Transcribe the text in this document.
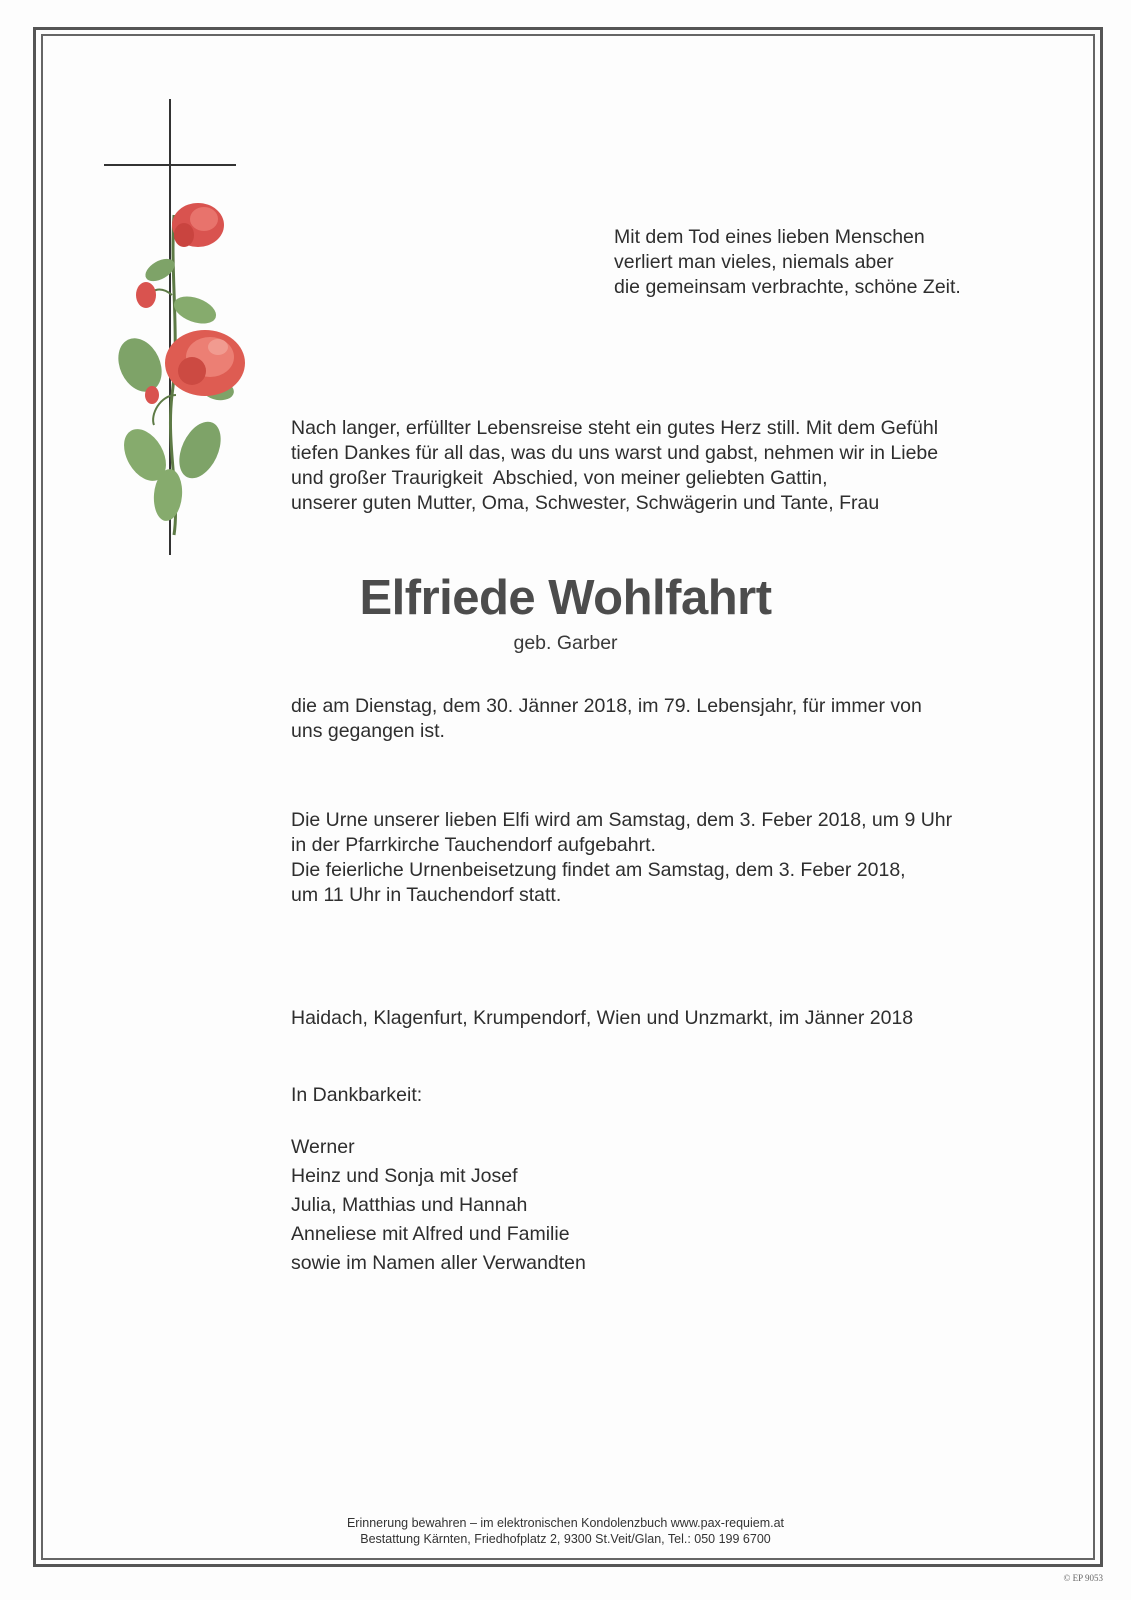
Mit dem Tod eines lieben Menschen
verliert man vieles, niemals aber
die gemeinsam verbrachte, schöne Zeit.

Nach langer, erfüllter Lebensreise steht ein gutes Herz still. Mit dem Gefühl
tiefen Dankes für all das, was du uns warst und gabst, nehmen wir in Liebe
und großer Traurigkeit  Abschied, von meiner geliebten Gattin,
unserer guten Mutter, Oma, Schwester, Schwägerin und Tante, Frau

Elfriede Wohlfahrt

geb. Garber

die am Dienstag, dem 30. Jänner 2018, im 79. Lebensjahr, für immer von
uns gegangen ist.

Die Urne unserer lieben Elfi wird am Samstag, dem 3. Feber 2018, um 9 Uhr
in der Pfarrkirche Tauchendorf aufgebahrt.
Die feierliche Urnenbeisetzung findet am Samstag, dem 3. Feber 2018,
um 11 Uhr in Tauchendorf statt.

Haidach, Klagenfurt, Krumpendorf, Wien und Unzmarkt, im Jänner 2018

In Dankbarkeit:

Werner
Heinz und Sonja mit Josef
Julia, Matthias und Hannah
Anneliese mit Alfred und Familie
sowie im Namen aller Verwandten

Erinnerung bewahren – im elektronischen Kondolenzbuch www.pax-requiem.at
Bestattung Kärnten, Friedhofplatz 2, 9300 St.Veit/Glan, Tel.: 050 199 6700

© EP 9053
